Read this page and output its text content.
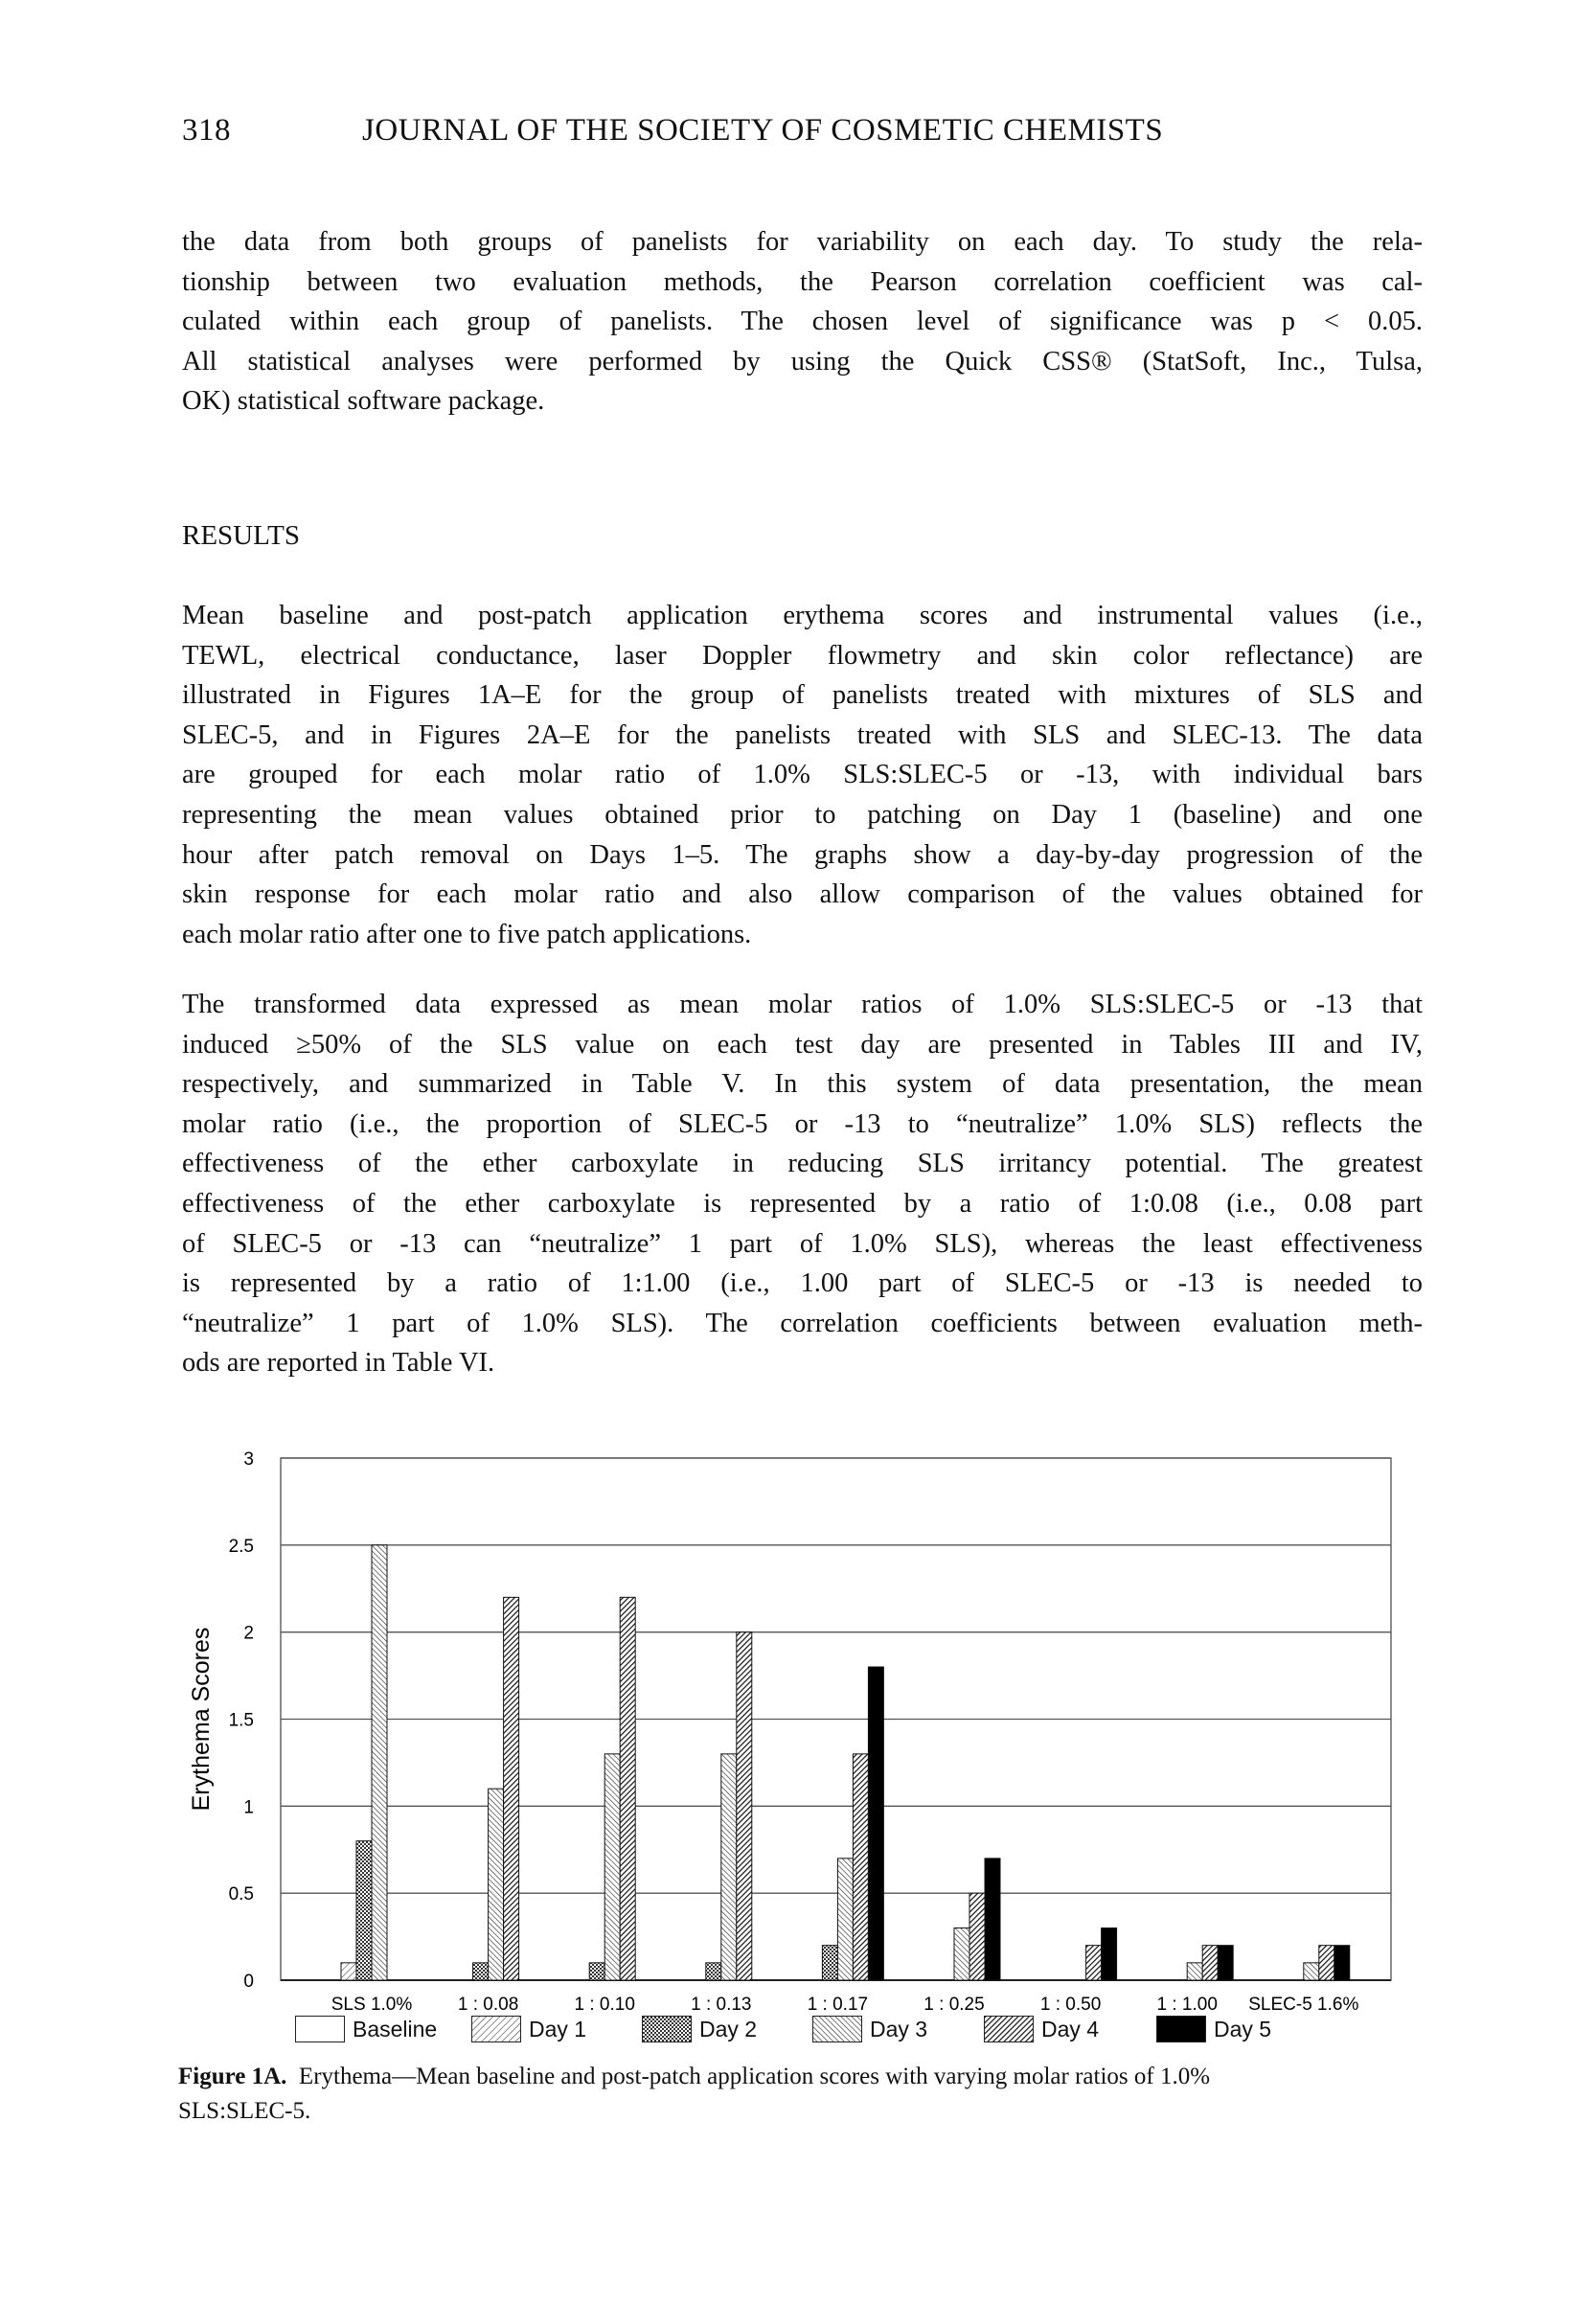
318	JOURNAL OF THE SOCIETY OF COSMETIC CHEMISTS
the data from both groups of panelists for variability on each day. To study the rela-
tionship between two evaluation methods, the Pearson correlation coefficient was cal-
culated within each group of panelists. The chosen level of significance was p < 0.05.
All statistical analyses were performed by using the Quick CSS® (StatSoft, Inc., Tulsa,
OK) statistical software package.
RESULTS
Mean baseline and post-patch application erythema scores and instrumental values (i.e.,
TEWL, electrical conductance, laser Doppler flowmetry and skin color reflectance) are
illustrated in Figures 1A–E for the group of panelists treated with mixtures of SLS and
SLEC-5, and in Figures 2A–E for the panelists treated with SLS and SLEC-13. The data
are grouped for each molar ratio of 1.0% SLS:SLEC-5 or -13, with individual bars
representing the mean values obtained prior to patching on Day 1 (baseline) and one
hour after patch removal on Days 1–5. The graphs show a day-by-day progression of the
skin response for each molar ratio and also allow comparison of the values obtained for
each molar ratio after one to five patch applications.
The transformed data expressed as mean molar ratios of 1.0% SLS:SLEC-5 or -13 that
induced ≥50% of the SLS value on each test day are presented in Tables III and IV,
respectively, and summarized in Table V. In this system of data presentation, the mean
molar ratio (i.e., the proportion of SLEC-5 or -13 to “neutralize” 1.0% SLS) reflects the
effectiveness of the ether carboxylate in reducing SLS irritancy potential. The greatest
effectiveness of the ether carboxylate is represented by a ratio of 1:0.08 (i.e., 0.08 part
of SLEC-5 or -13 can “neutralize” 1 part of 1.0% SLS), whereas the least effectiveness
is represented by a ratio of 1:1.00 (i.e., 1.00 part of SLEC-5 or -13 is needed to
“neutralize” 1 part of 1.0% SLS). The correlation coefficients between evaluation meth-
ods are reported in Table VI.
0
0.5
1
1.5
2
2.5
3
Erythema Scores
SLS 1.0%	1 : 0.08	1 : 0.10	1 : 0.13	1 : 0.17	1 : 0.25	1 : 0.50	1 : 1.00 SLEC-5 1.6%
Baseline	Day 1	Day 2	Day 3	Day 4	Day 5
Figure 1A. Erythema—Mean baseline and post-patch application scores with varying molar ratios of 1.0%
SLS:SLEC-5.
